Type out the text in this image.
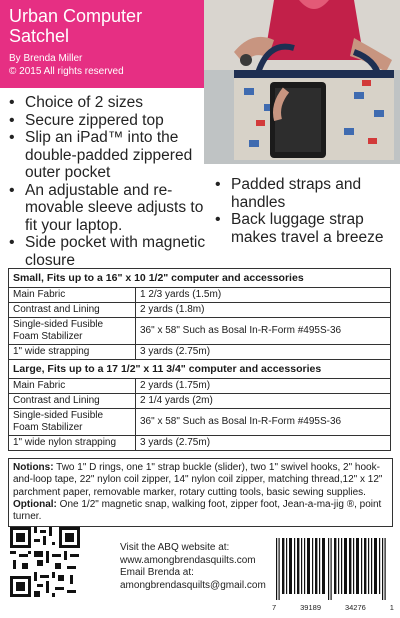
Urban Computer Satchel
By Brenda Miller
© 2015 All rights reserved
• Choice of 2 sizes
• Secure zippered top
• Slip an iPad™ into the double-padded zippered outer pocket
• An adjustable and re-movable sleeve adjusts to fit your laptop.
• Side pocket with magnetic closure
• Padded straps and handles
• Back luggage strap makes travel a breeze
Small, Fits up to a 16" x 10 1/2" computer and accessories	
Main Fabric	1 2/3 yards (1.5m)
Contrast and Lining	2 yards (1.8m)
Single-sided Fusible Foam Stabilizer	36" x 58" Such as Bosal In-R-Form #495S-36
1" wide strapping	3 yards (2.75m)
Large, Fits up to a 17 1/2" x 11 3/4" computer and accessories	
Main Fabric	2 yards (1.75m)
Contrast and Lining	2 1/4 yards (2m)
Single-sided Fusible Foam Stabilizer	36" x 58" Such as Bosal In-R-Form #495S-36
1" wide nylon strapping	3 yards (2.75m)
Notions: Two 1" D rings, one 1" strap buckle (slider), two 1" swivel hooks, 2" hook-and-loop tape, 22" nylon coil zipper, 14" nylon coil zipper, matching thread,12" x 12" parchment paper, removable marker, rotary cutting tools, basic sewing supplies. Optional: One 1/2" magnetic snap, walking foot, zipper foot, Jean-a-ma-jig ®, point turner.
Visit the ABQ website at:
www.amongbrendasquilts.com
Email Brenda at:
amongbrendasquilts@gmail.com
7	39189	34276	1
